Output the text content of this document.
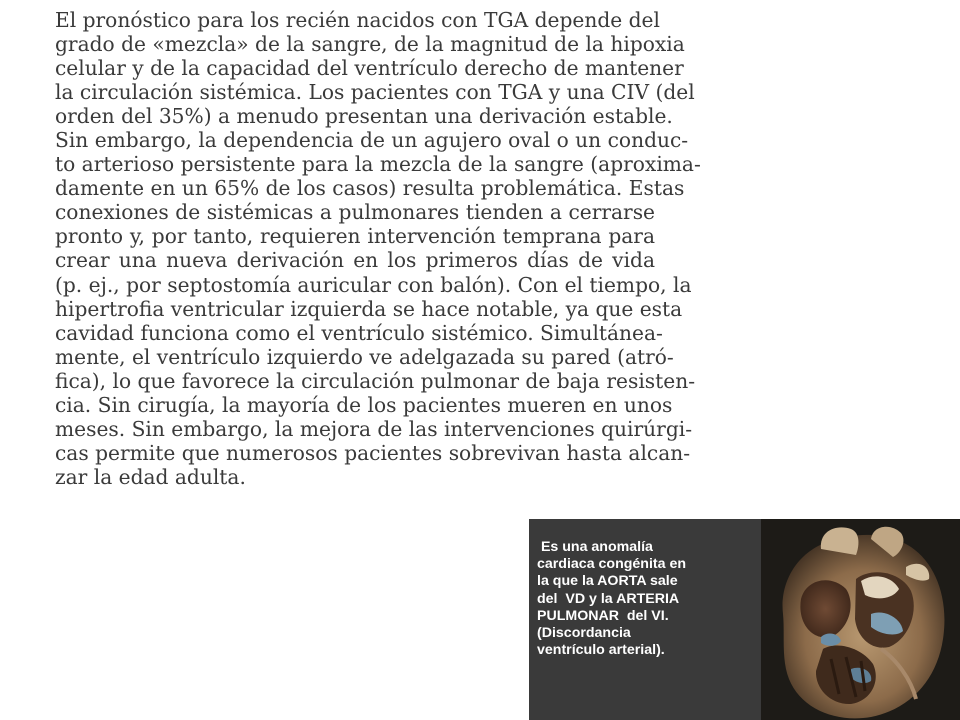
El pronóstico para los recién nacidos con TGA depende del
grado de «mezcla» de la sangre, de la magnitud de la hipoxia
celular y de la capacidad del ventrículo derecho de mantener
la circulación sistémica. Los pacientes con TGA y una CIV (del
orden del 35%) a menudo presentan una derivación estable.
Sin embargo, la dependencia de un agujero oval o un conduc-
to arterioso persistente para la mezcla de la sangre (aproxima-
damente en un 65% de los casos) resulta problemática. Estas
conexiones de sistémicas a pulmonares tienden a cerrarse
pronto y, por tanto, requieren intervención temprana para
crear una nueva derivación en los primeros días de vida
(p. ej., por septostomía auricular con balón). Con el tiempo, la
hipertrofia ventricular izquierda se hace notable, ya que esta
cavidad funciona como el ventrículo sistémico. Simultánea-
mente, el ventrículo izquierdo ve adelgazada su pared (atró-
fica), lo que favorece la circulación pulmonar de baja resisten-
cia. Sin cirugía, la mayoría de los pacientes mueren en unos
meses. Sin embargo, la mejora de las intervenciones quirúrgi-
cas permite que numerosos pacientes sobrevivan hasta alcan-
zar la edad adulta.
Es una anomalía
cardiaca congénita en
la que la AORTA sale
del  VD y la ARTERIA
PULMONAR  del VI.
(Discordancia
ventrículo arterial).
